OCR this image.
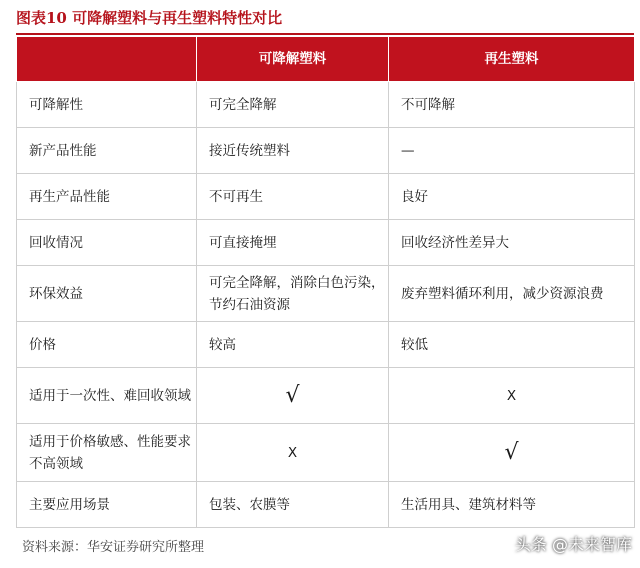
图表10 可降解塑料与再生塑料特性对比
	可降解塑料	再生塑料
可降解性	可完全降解	不可降解
新产品性能	接近传统塑料	—
再生产品性能	不可再生	良好
回收情况	可直接掩埋	回收经济性差异大
环保效益	可完全降解，消除白色污染，节约石油资源	废弃塑料循环利用，减少资源浪费
价格	较高	较低
适用于一次性、难回收领域	√	X
适用于价格敏感、性能要求不高领域	X	√
主要应用场景	包装、农膜等	生活用具、建筑材料等
资料来源：华安证券研究所整理	头条 @未来智库
